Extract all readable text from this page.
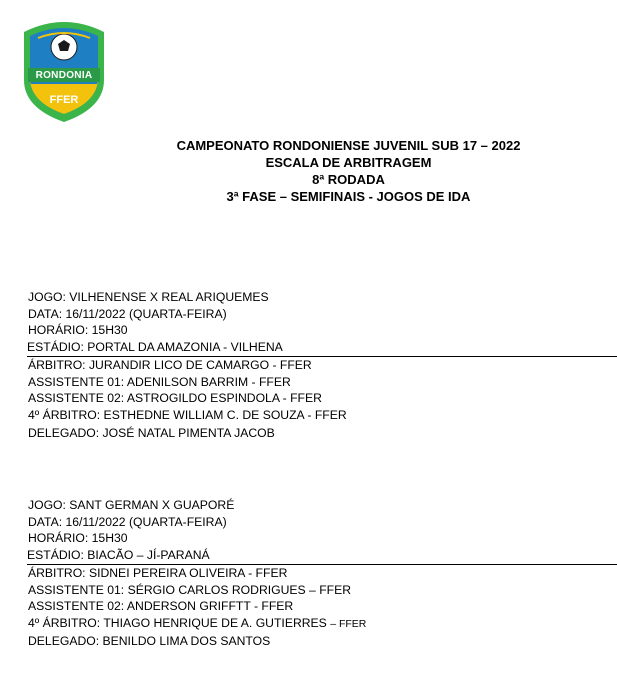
RONDONIA
FFER
CAMPEONATO RONDONIENSE JUVENIL SUB 17 – 2022
ESCALA DE ARBITRAGEM
8ª RODADA
3ª FASE – SEMIFINAIS - JOGOS DE IDA
JOGO: VILHENENSE X REAL ARIQUEMES
DATA: 16/11/2022 (QUARTA-FEIRA)
HORÁRIO: 15H30
ESTÁDIO: PORTAL DA AMAZONIA - VILHENA
ÁRBITRO: JURANDIR LICO DE CAMARGO - FFER
ASSISTENTE 01: ADENILSON BARRIM - FFER
ASSISTENTE 02: ASTROGILDO ESPINDOLA - FFER
4º ÁRBITRO: ESTHEDNE WILLIAM C. DE SOUZA - FFER
DELEGADO: JOSÉ NATAL PIMENTA JACOB
JOGO: SANT GERMAN X GUAPORÉ
DATA: 16/11/2022 (QUARTA-FEIRA)
HORÁRIO: 15H30
ESTÁDIO: BIACÃO – JÍ-PARANÁ
ÁRBITRO: SIDNEI PEREIRA OLIVEIRA - FFER
ASSISTENTE 01: SÉRGIO CARLOS RODRIGUES – FFER
ASSISTENTE 02: ANDERSON GRIFFTT - FFER
4º ÁRBITRO: THIAGO HENRIQUE DE A. GUTIERRES – FFER
DELEGADO: BENILDO LIMA DOS SANTOS
